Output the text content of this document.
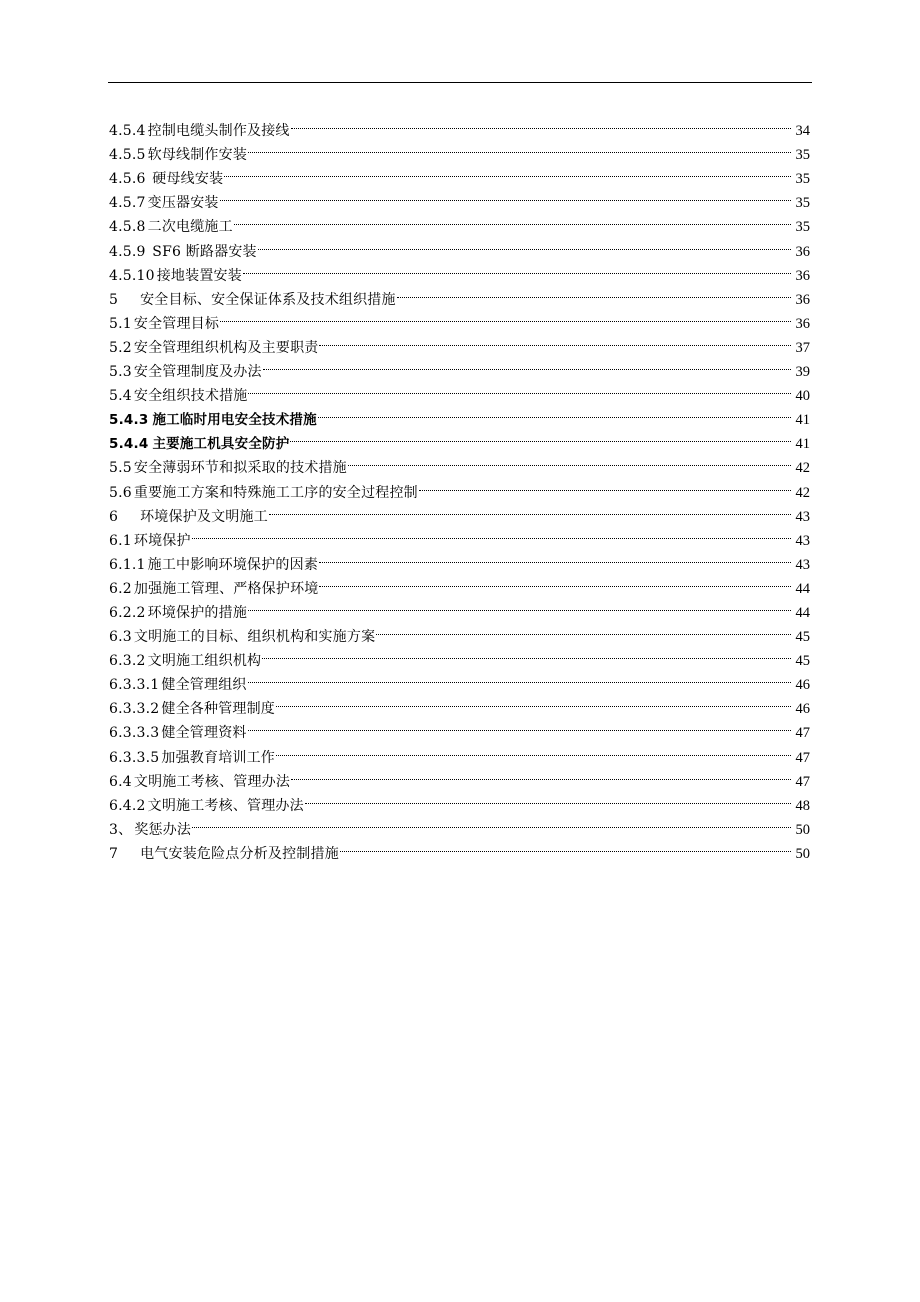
4.5.4 控制电缆头制作及接线	34
4.5.5 软母线制作安装	35
4.5.6 硬母线安装	35
4.5.7 变压器安装	35
4.5.8 二次电缆施工	35
4.5.9 SF6 断路器安装	36
4.5.10 接地装置安装	36
5 安全目标、安全保证体系及技术组织措施	36
5.1 安全管理目标	36
5.2 安全管理组织机构及主要职责	37
5.3 安全管理制度及办法	39
5.4 安全组织技术措施	40
5.4.3 施工临时用电安全技术措施	41
5.4.4 主要施工机具安全防护	41
5.5 安全薄弱环节和拟采取的技术措施	42
5.6 重要施工方案和特殊施工工序的安全过程控制	42
6 环境保护及文明施工	43
6.1 环境保护	43
6.1.1 施工中影响环境保护的因素	43
6.2 加强施工管理、严格保护环境	44
6.2.2 环境保护的措施	44
6.3 文明施工的目标、组织机构和实施方案	45
6.3.2 文明施工组织机构	45
6.3.3.1 健全管理组织	46
6.3.3.2 健全各种管理制度	46
6.3.3.3 健全管理资料	47
6.3.3.5 加强教育培训工作	47
6.4 文明施工考核、管理办法	47
6.4.2 文明施工考核、管理办法	48
3、 奖惩办法	50
7 电气安装危险点分析及控制措施	50
